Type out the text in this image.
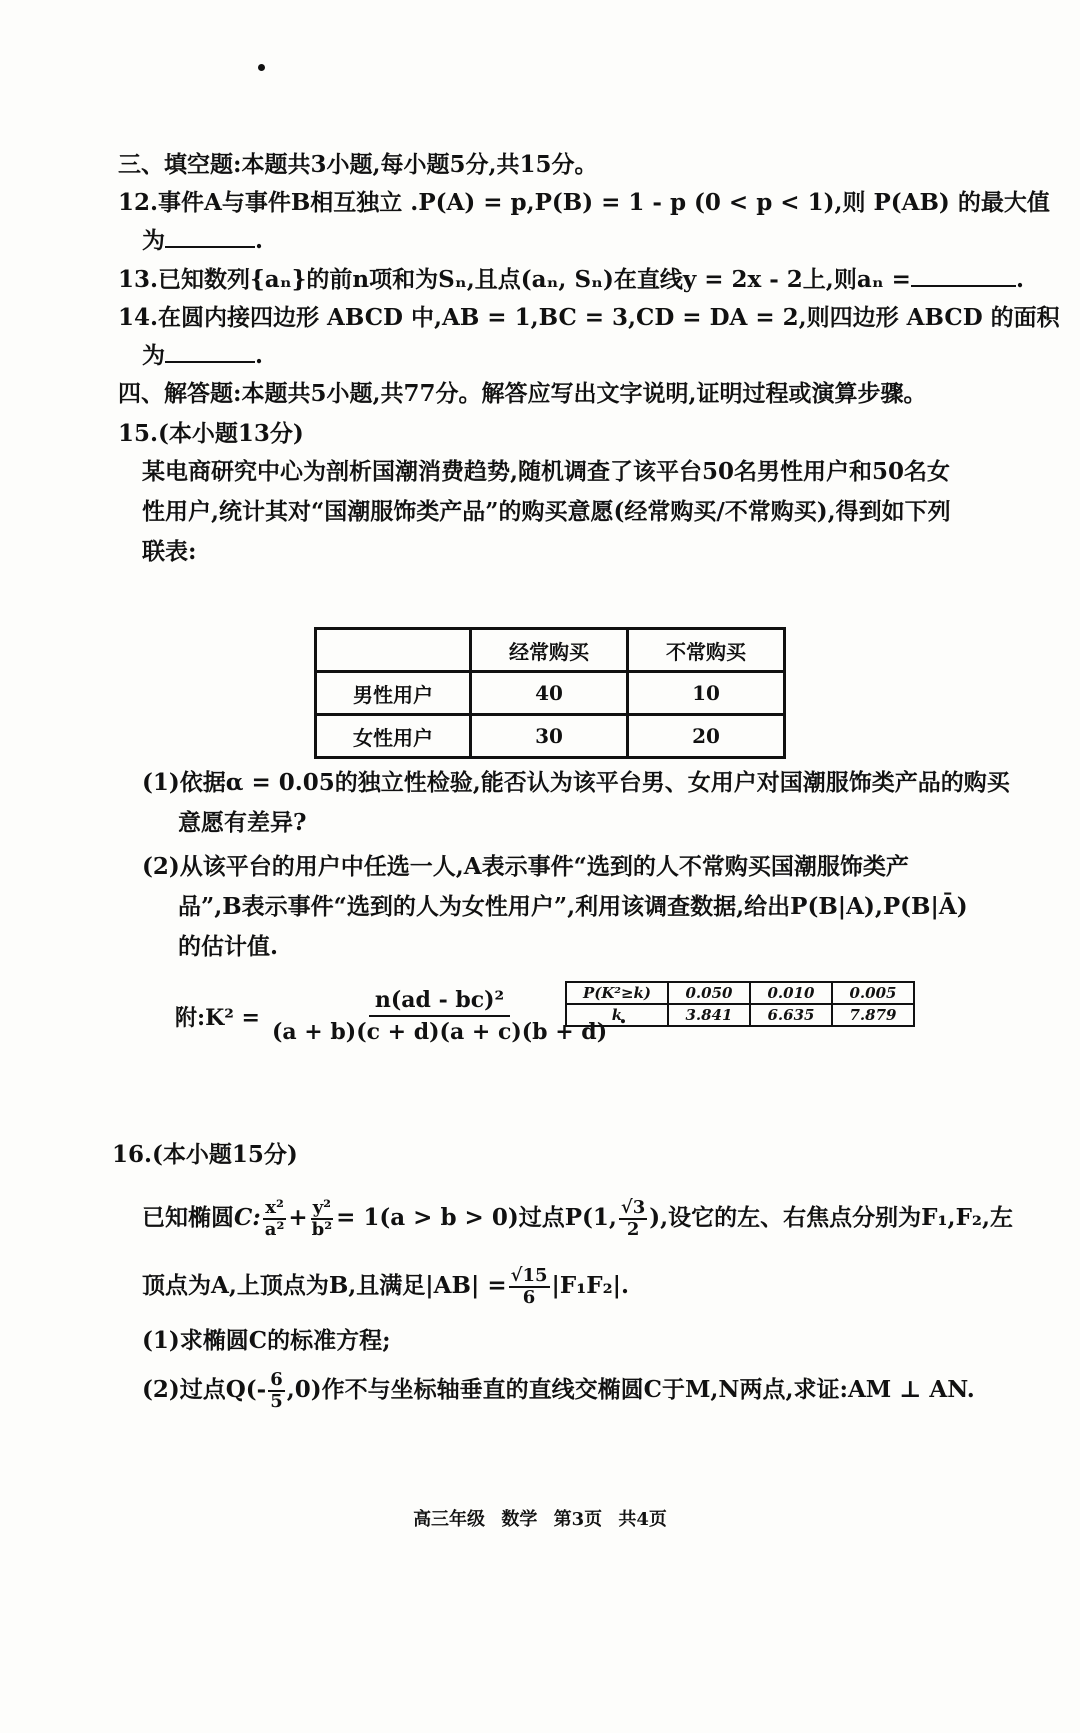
三、填空题:本题共3小题,每小题5分,共15分。
12.事件A与事件B相互独立 .P(A) = p,P(B) = 1 - p (0 < p < 1),则 P(AB) 的最大值
为	.
13.已知数列{aₙ}的前n项和为Sₙ,且点(aₙ, Sₙ)在直线y = 2x - 2上,则aₙ =	.
14.在圆内接四边形 ABCD 中,AB = 1,BC = 3,CD = DA = 2,则四边形 ABCD 的面积
为	.
四、解答题:本题共5小题,共77分。解答应写出文字说明,证明过程或演算步骤。
15.(本小题13分)
某电商研究中心为剖析国潮消费趋势,随机调查了该平台50名男性用户和50名女
性用户,统计其对“国潮服饰类产品”的购买意愿(经常购买/不常购买),得到如下列
联表:
	经常购买	不常购买
男性用户	40	10
女性用户	30	20
(1)依据α = 0.05的独立性检验,能否认为该平台男、女用户对国潮服饰类产品的购买
意愿有差异?
(2)从该平台的用户中任选一人,A表示事件“选到的人不常购买国潮服饰类产
品”,B表示事件“选到的人为女性用户”,利用该调查数据,给出P(B|A),P(B|Ā)
的估计值.
附:K² = $\frac{\text{n(ad - bc)²}}{(a + b)(c + d)(a + c)(b + d)}$ .
P(K²≥k)	0.050	0.010	0.005
k	3.841	6.635	7.879
16.(本小题15分)
已知椭圆C: $\frac{\text{x²}}{\text{a²}} + \frac{\text{y²}}{\text{b²}} = 1(a > b > 0)$过点P(1, $\frac{√3}{2}$ ),设它的左、右焦点分别为F₁,F₂,左
顶点为A,上顶点为B,且满足$|AB| = \frac{√15}{6} |F_1F_2|$.
(1)求椭圆C的标准方程;
(2)过点$Q(- \frac{6}{5} ,0)$作不与坐标轴垂直的直线交椭圆C于M,N两点,求证:AM ⊥ AN.
高三年级 数学 第3页 共4页
